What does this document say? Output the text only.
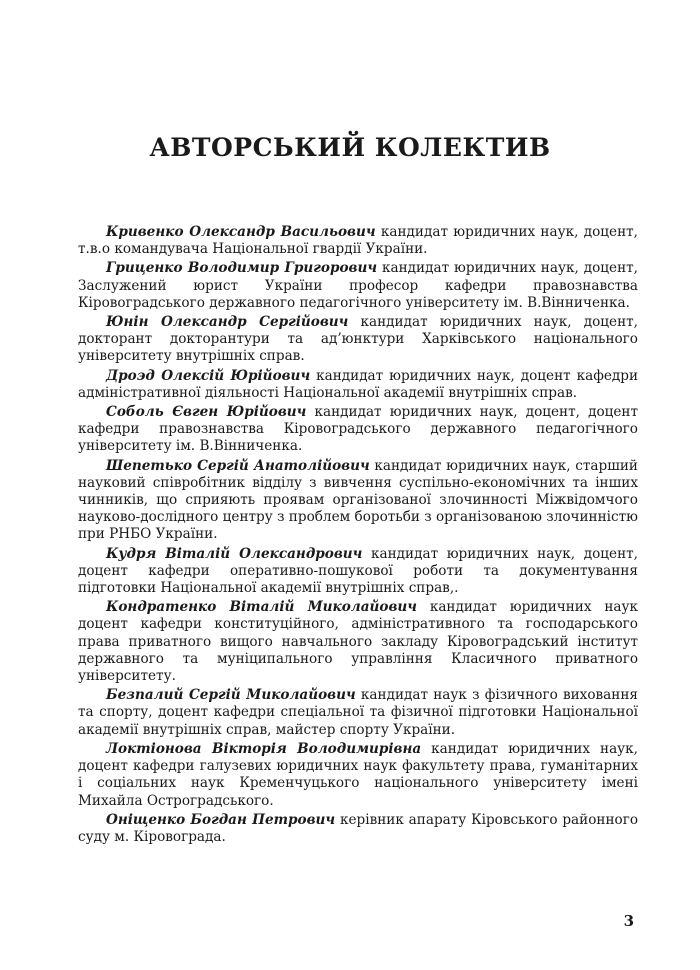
АВТОРСЬКИЙ КОЛЕКТИВ

Кривенко Олександр Васильович кандидат юридичних наук, доцент, т.в.о командувача Національної гвардії України.

Гриценко Володимир Григорович кандидат юридичних наук, доцент, Заслужений юрист України професор кафедри правознавства Кіровоградського державного педагогічного університету ім. В.Вінниченка.

Юнін Олександр Сергійович кандидат юридичних наук, доцент, докторант докторантури та ад’юнктури Харківського національного університету внутрішніх справ.

Дроэд Олексій Юрійович кандидат юридичних наук, доцент кафедри адміністративної діяльності Національної академії внутрішніх справ.

Соболь Євген Юрійович кандидат юридичних наук, доцент, доцент кафедри правознавства Кіровоградського державного педагогічного університету ім. В.Вінниченка.

Шепетько Сергій Анатолійович кандидат юридичних наук, старший науковий співробітник відділу з вивчення суспільно-економічних та інших чинників, що сприяють проявам організованої злочинності Міжвідомчого науково-дослідного центру з проблем боротьби з організованою злочинністю при РНБО України.

Кудря Віталій Олександрович кандидат юридичних наук, доцент, доцент кафедри оперативно-пошукової роботи та документування підготовки Національної академії внутрішніх справ,.

Кондратенко Віталій Миколайович кандидат юридичних наук доцент кафедри конституційного, адміністративного та господарського права приватного вищого навчального закладу Кіровоградський інститут державного та муніципального управління Класичного приватного університету.

Безпалий Сергій Миколайович кандидат наук з фізичного виховання та спорту, доцент кафедри спеціальної та фізичної підготовки Національної академії внутрішніх справ, майстер спорту України.

Локтіонова Вікторія Володимирівна кандидат юридичних наук, доцент кафедри галузевих юридичних наук факультету права, гуманітарних і соціальних наук Кременчуцького національного університету імені Михайла Остроградського.

Оніщенко Богдан Петрович керівник апарату Кіровського районного суду м. Кіровограда.

3
